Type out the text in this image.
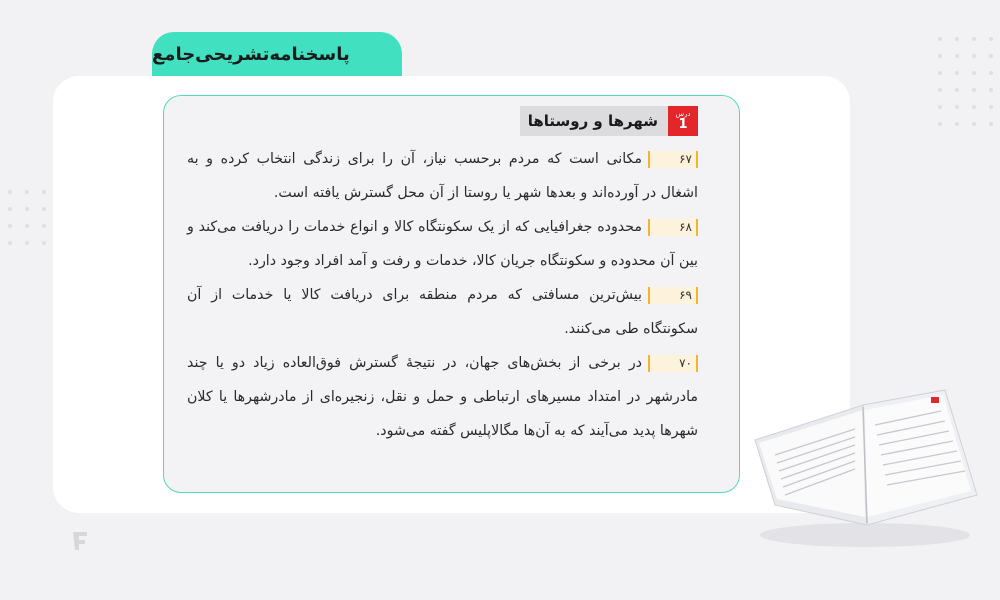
پاسخنامه‌تشریحی‌جامع
درس
1
شهرها و روستاها

۶۷مکانی است که مردم برحسب نیاز، آن را برای زندگی انتخاب کرده و به اشغال در آورده‌اند و بعدها شهر یا روستا از آن محل گسترش یافته است.

۶۸محدوده جغرافیایی که از یک سکونتگاه کالا و انواع خدمات را دریافت می‌کند و بین آن محدوده و سکونتگاه جریان کالا، خدمات و رفت و آمد افراد وجود دارد.

۶۹بیش‌ترین مسافتی که مردم منطقه برای دریافت کالا یا خدمات از آن سکونتگاه طی می‌کنند.

۷۰در برخی از بخش‌های جهان، در نتیجهٔ گسترش فوق‌العاده زیاد دو یا چند مادرشهر در امتداد مسیرهای ارتباطی و حمل و نقل، زنجیره‌ای از مادرشهرها یا کلان شهرها پدید می‌آیند که به آن‌ها مگالاپلیس گفته می‌شود.
